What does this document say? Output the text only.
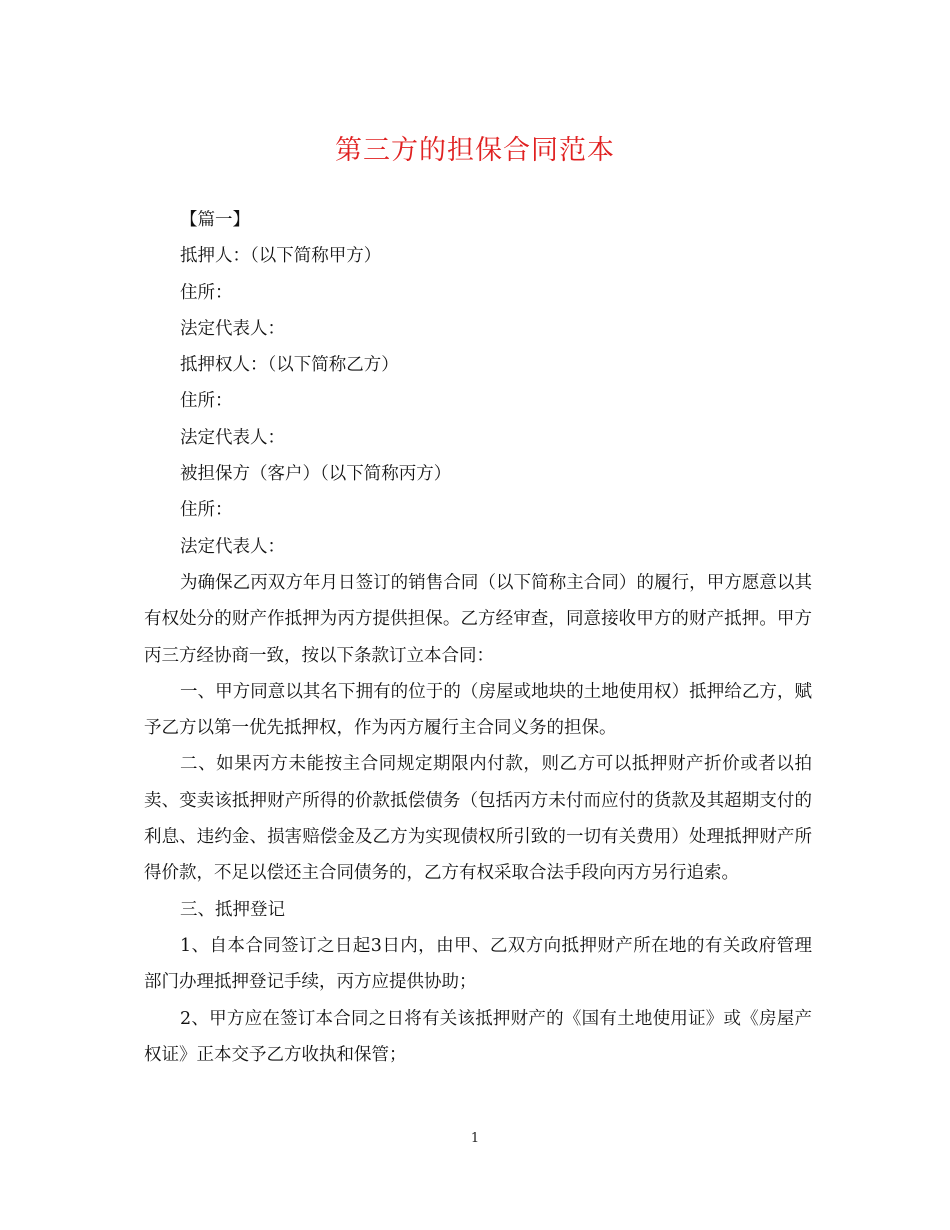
第三方的担保合同范本

【篇一】

抵押人：（以下简称甲方）

住所：

法定代表人：

抵押权人：（以下简称乙方）

住所：

法定代表人：

被担保方（客户）（以下简称丙方）

住所：

法定代表人：

为确保乙丙双方年月日签订的销售合同（以下简称主合同）的履行，甲方愿意以其有权处分的财产作抵押为丙方提供担保。乙方经审查，同意接收甲方的财产抵押。甲方丙三方经协商一致，按以下条款订立本合同：

一、甲方同意以其名下拥有的位于的（房屋或地块的土地使用权）抵押给乙方，赋予乙方以第一优先抵押权，作为丙方履行主合同义务的担保。

二、如果丙方未能按主合同规定期限内付款，则乙方可以抵押财产折价或者以拍卖、变卖该抵押财产所得的价款抵偿债务（包括丙方未付而应付的货款及其超期支付的利息、违约金、损害赔偿金及乙方为实现债权所引致的一切有关费用）处理抵押财产所得价款，不足以偿还主合同债务的，乙方有权采取合法手段向丙方另行追索。

三、抵押登记

1、自本合同签订之日起3日内，由甲、乙双方向抵押财产所在地的有关政府管理部门办理抵押登记手续，丙方应提供协助；

2、甲方应在签订本合同之日将有关该抵押财产的《国有土地使用证》或《房屋产权证》正本交予乙方收执和保管；

1
